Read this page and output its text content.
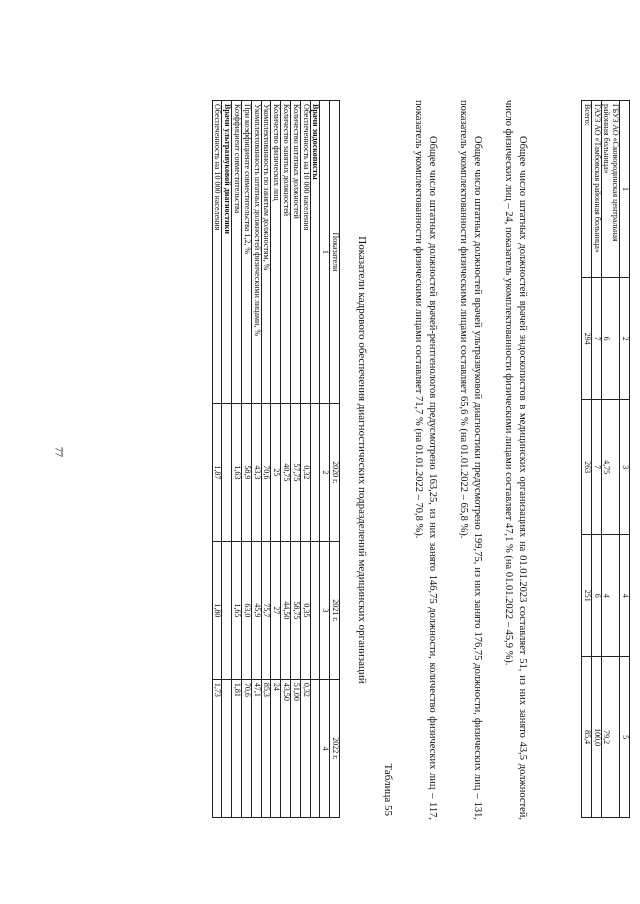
77
1	2	3	4	5
ГБУЗ АО «Сковородинская центральная районная больница»	6	4,75	4	79,2
ГАУЗ АО «Тамбовская районная больница»	7	7	6	100,0
Всего:	294	263	251	85,4

Общее число штатных должностей врачей эндоскопистов в медицинских организациях на 01.01.2023 составляет 51, из них занято 43,5 должностей, число физических лиц – 24, показатель укомплектованности физическими лицами составляет 47,1 % (на 01.01.2022 – 45,9 %).

Общее число штатных должностей врачей ультразвуковой диагностики предусмотрено 199,75, из них занято 176,75 должности, физических лиц – 131, показатель укомплектованности физическими лицами составляет 65,6 % (на 01.01.2022 – 65,8 %).

Общее число штатных должностей врачей-рентгенологов предусмотрено 163,25, из них занято 146,75 должности, количество физических лиц – 117, показатель укомплектованности физическими лицами составляет 71,7 % (на 01.01.2022 – 70,8 %).

Таблица 55
Показатели кадрового обеспечения диагностических подразделений медицинских организаций
Показатели	2020 г.	2021 г.	2022 г.
1	2	3	4
Врачи эндоскописты			
Обеспеченность на 10 000 населения	0,32	0,35	0,32
Количество штатных должностей	57,75	58,75	51,00
Количество занятых должностей	40,75	44,50	43,50
Количество физических лиц	25	27	24
Укомплектованность по занятым должностям, %	70,6	75,7	85,3
Укомплектованность штатных должностей физическими лицами, %	43,3	45,9	47,1
При коэффициенте совместительства 1,2, %	58,9	63,0	70,6
Коэффициент совместительства	1,63	1,65	1,81
Врачи ультразвуковой диагностики			
Обеспеченность на 10 000 населения	1,87	1,80	1,73
